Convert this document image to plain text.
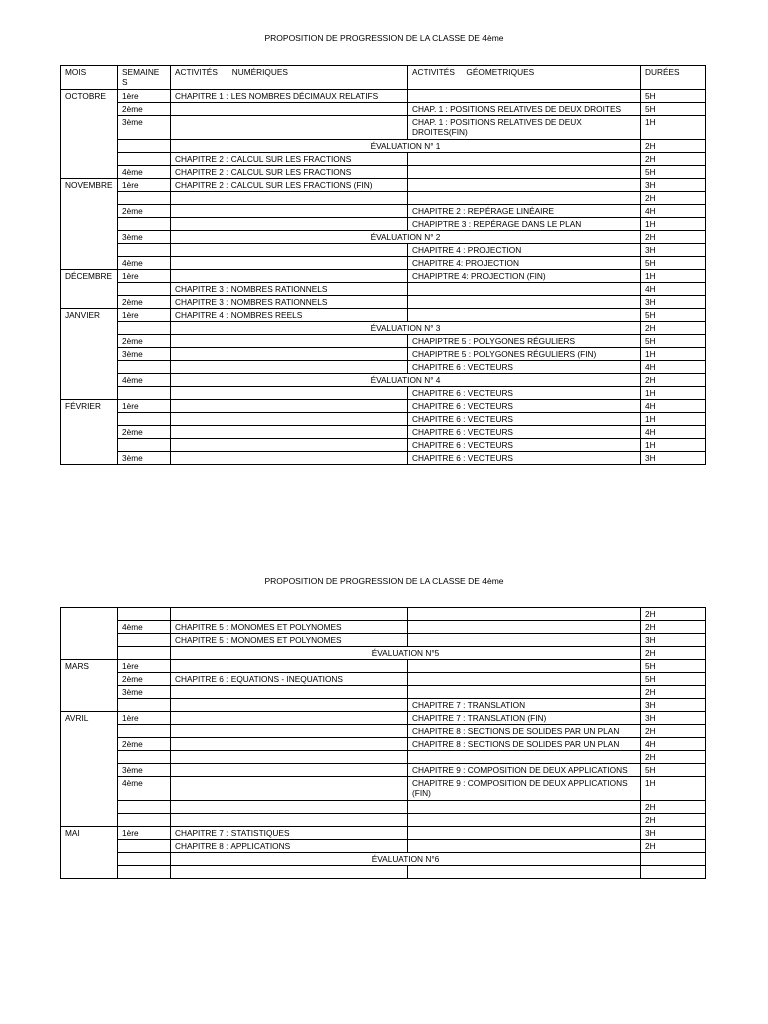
PROPOSITION DE PROGRESSION DE LA CLASSE DE 4ème
MOIS	SEMAINE S	ACTIVITÉS      NUMÉRIQUES	ACTIVITÉS     GÉOMETRIQUES	DURÉES
OCTOBRE	1ère	CHAPITRE 1 : LES NOMBRES DÉCIMAUX RELATIFS		5H
	2ème		CHAP. 1 : POSITIONS RELATIVES DE DEUX DROITES	5H
	3ème		CHAP. 1 : POSITIONS RELATIVES DE DEUX DROITES(FIN)	1H
		ÉVALUATION N° 1		2H
		CHAPITRE 2 : CALCUL SUR LES FRACTIONS		2H
	4ème	CHAPITRE 2 : CALCUL SUR LES FRACTIONS		5H
NOVEMBRE	1ère	CHAPITRE 2 : CALCUL SUR LES FRACTIONS (FIN)		3H
				2H
	2ème		CHAPITRE 2 : REPÉRAGE LINÉAIRE	4H
			CHAPIPTRE 3 : REPÉRAGE DANS LE PLAN	1H
	3ème	ÉVALUATION N° 2		2H
			CHAPITRE 4 : PROJECTION	3H
	4ème		CHAPITRE 4: PROJECTION	5H
DÉCEMBRE	1ère		CHAPIPTRE 4: PROJECTION (FIN)	1H
		CHAPITRE 3 : NOMBRES RATIONNELS		4H
	2ème	CHAPITRE 3 : NOMBRES RATIONNELS		3H
JANVIER	1ère	CHAPITRE 4 : NOMBRES REELS		5H
		ÉVALUATION N° 3		2H
	2ème		CHAPIPTRE 5 : POLYGONES RÉGULIERS	5H
	3ème		CHAPIPTRE 5 : POLYGONES RÉGULIERS (FIN)	1H
			CHAPITRE 6 : VECTEURS	4H
	4ème	ÉVALUATION N° 4		2H
			CHAPITRE 6 : VECTEURS	1H
FÉVRIER	1ère		CHAPITRE 6 : VECTEURS	4H
			CHAPITRE 6 : VECTEURS	1H
	2ème		CHAPITRE 6 : VECTEURS	4H
			CHAPITRE 6 : VECTEURS	1H
	3ème		CHAPITRE 6 : VECTEURS	3H
PROPOSITION DE PROGRESSION DE LA CLASSE DE 4ème
				2H
	4ème	CHAPITRE 5 : MONOMES ET POLYNOMES		2H
		CHAPITRE 5 : MONOMES ET POLYNOMES		3H
		ÉVALUATION N°5		2H
MARS	1ère			5H
	2ème	CHAPITRE 6 : EQUATIONS - INEQUATIONS		5H
	3ème			2H
			CHAPITRE 7 : TRANSLATION	3H
AVRIL	1ère		CHAPITRE 7 : TRANSLATION (FIN)	3H
			CHAPITRE 8 : SECTIONS DE SOLIDES PAR UN PLAN	2H
	2ème		CHAPITRE 8 : SECTIONS DE SOLIDES PAR UN PLAN	4H
				2H
	3ème		CHAPITRE 9 : COMPOSITION DE DEUX APPLICATIONS	5H
	4ème		CHAPITRE 9 : COMPOSITION DE DEUX APPLICATIONS (FIN)	1H
				2H
				2H
MAI	1ère	CHAPITRE 7 : STATISTIQUES		3H
		CHAPITRE 8 : APPLICATIONS		2H
		ÉVALUATION N°6		
